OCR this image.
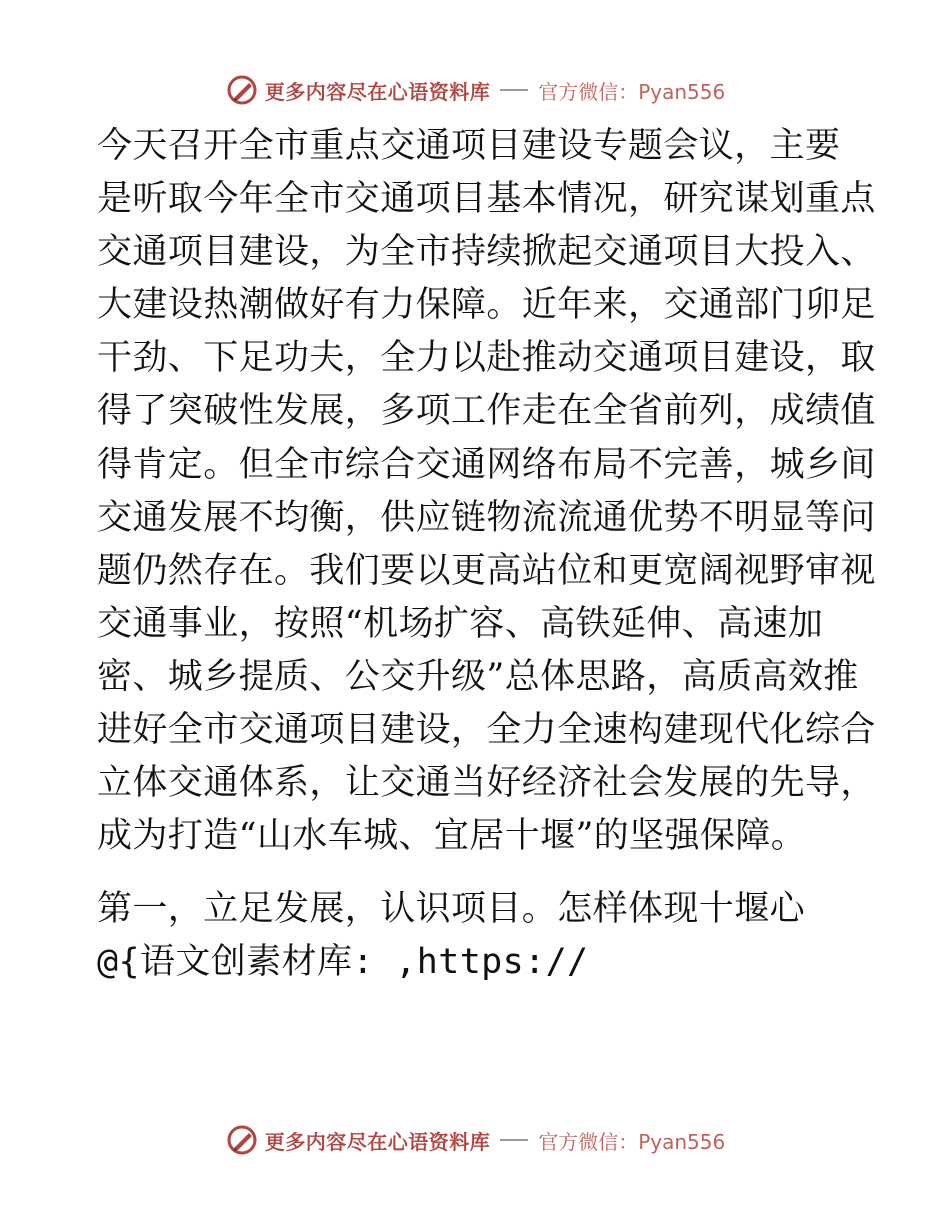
更多内容尽在心语资料库 官方微信：Pyan556
今天召开全市重点交通项目建设专题会议，主要
是听取今年全市交通项目基本情况，研究谋划重点
交通项目建设，为全市持续掀起交通项目大投入、
大建设热潮做好有力保障。近年来，交通部门卯足
干劲、下足功夫，全力以赴推动交通项目建设，取
得了突破性发展，多项工作走在全省前列，成绩值
得肯定。但全市综合交通网络布局不完善，城乡间
交通发展不均衡，供应链物流流通优势不明显等问
题仍然存在。我们要以更高站位和更宽阔视野审视
交通事业，按照“机场扩容、高铁延伸、高速加
密、城乡提质、公交升级”总体思路，高质高效推
进好全市交通项目建设，全力全速构建现代化综合
立体交通体系，让交通当好经济社会发展的先导，
成为打造“山水车城、宜居十堰”的坚强保障。
第一，立足发展，认识项目。怎样体现十堰心
@{语文创素材库: ,https://
更多内容尽在心语资料库 官方微信：Pyan556
